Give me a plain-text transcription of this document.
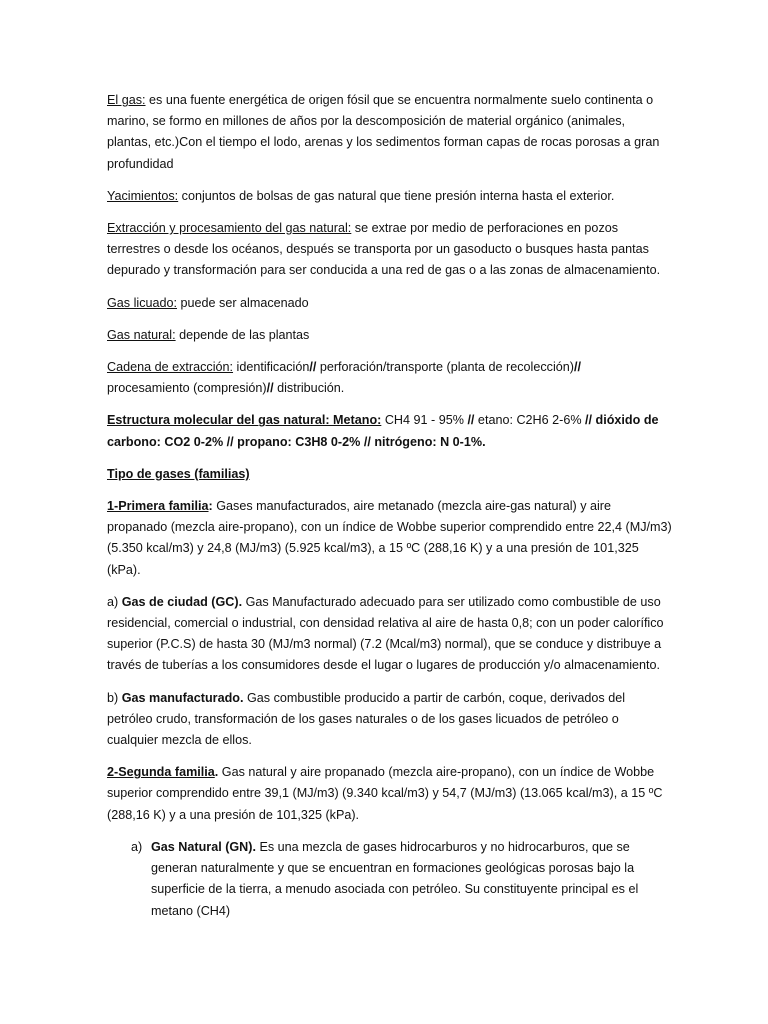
El gas: es una fuente energética de origen fósil que se encuentra normalmente suelo continenta o marino, se formo en millones de años por la descomposición de material orgánico (animales, plantas, etc.)Con el tiempo el lodo, arenas y los sedimentos forman capas de rocas porosas a gran profundidad

Yacimientos: conjuntos de bolsas de gas natural que tiene presión interna hasta el exterior.

Extracción y procesamiento del gas natural: se extrae por medio de perforaciones en pozos terrestres o desde los océanos, después se transporta por un gasoducto o busques hasta pantas depurado y transformación para ser conducida a una red de gas o a las zonas de almacenamiento.

Gas licuado: puede ser almacenado

Gas natural: depende de las plantas

Cadena de extracción: identificación// perforación/transporte (planta de recolección)//
procesamiento (compresión)// distribución.

Estructura molecular del gas natural: Metano: CH4 91 - 95% // etano: C2H6 2-6% // dióxido de
carbono: CO2 0-2% // propano: C3H8 0-2% // nitrógeno: N 0-1%.

Tipo de gases (familias)

1-Primera familia: Gases manufacturados, aire metanado (mezcla aire-gas natural) y aire propanado (mezcla aire-propano), con un índice de Wobbe superior comprendido entre 22,4 (MJ/m3) (5.350 kcal/m3) y 24,8 (MJ/m3) (5.925 kcal/m3), a 15 ºC (288,16 K) y a una presión de 101,325 (kPa).

a) Gas de ciudad (GC). Gas Manufacturado adecuado para ser utilizado como combustible de uso residencial, comercial o industrial, con densidad relativa al aire de hasta 0,8; con un poder calorífico superior (P.C.S) de hasta 30 (MJ/m3 normal) (7.2 (Mcal/m3) normal), que se conduce y distribuye a través de tuberías a los consumidores desde el lugar o lugares de producción y/o almacenamiento.

b) Gas manufacturado. Gas combustible producido a partir de carbón, coque, derivados del petróleo crudo, transformación de los gases naturales o de los gases licuados de petróleo o cualquier mezcla de ellos.

2-Segunda familia. Gas natural y aire propanado (mezcla aire-propano), con un índice de Wobbe superior comprendido entre 39,1 (MJ/m3) (9.340 kcal/m3) y 54,7 (MJ/m3) (13.065 kcal/m3), a 15 ºC (288,16 K) y a una presión de 101,325 (kPa).

a) Gas Natural (GN). Es una mezcla de gases hidrocarburos y no hidrocarburos, que se generan naturalmente y que se encuentran en formaciones geológicas porosas bajo la superficie de la tierra, a menudo asociada con petróleo. Su constituyente principal es el metano (CH4)
